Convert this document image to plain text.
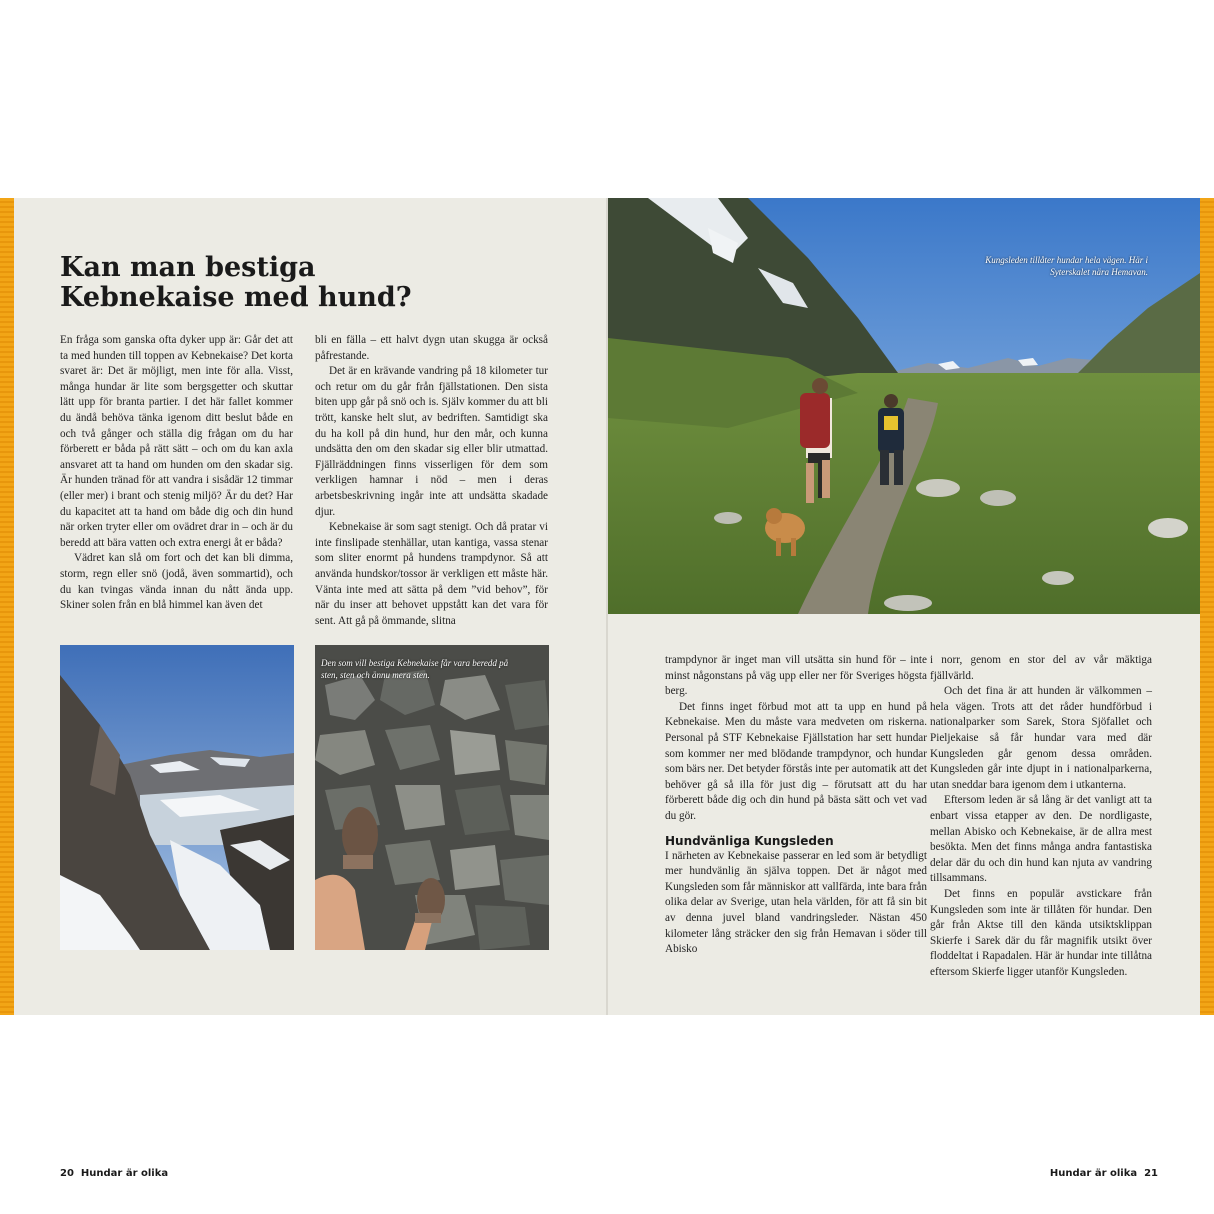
Kan man bestiga
Kebnekaise med hund?

En fråga som ganska ofta dyker upp är: Går det att ta med hunden till toppen av Kebnekaise? Det korta svaret är: Det är möjligt, men inte för alla. Visst, många hundar är lite som bergsgetter och skuttar lätt upp för branta partier. I det här fallet kommer du ändå behöva tänka igenom ditt beslut både en och två gånger och ställa dig frågan om du har förberett er båda på rätt sätt – och om du kan axla ansvaret att ta hand om hunden om den skadar sig. Är hunden tränad för att vandra i sisådär 12 timmar (eller mer) i brant och stenig miljö? Är du det? Har du kapacitet att ta hand om både dig och din hund när orken tryter eller om ovädret drar in – och är du beredd att bära vatten och extra energi åt er båda?

Vädret kan slå om fort och det kan bli dimma, storm, regn eller snö (jodå, även sommartid), och du kan tvingas vända innan du nått ända upp. Skiner solen från en blå himmel kan även det

bli en fälla – ett halvt dygn utan skugga är också påfrestande.

Det är en krävande vandring på 18 kilometer tur och retur om du går från fjällstationen. Den sista biten upp går på snö och is. Själv kommer du att bli trött, kanske helt slut, av bedriften. Samtidigt ska du ha koll på din hund, hur den mår, och kunna undsätta den om den skadar sig eller blir utmattad. Fjällräddningen finns visserligen för dem som verkligen hamnar i nöd – men i deras arbetsbeskrivning ingår inte att undsätta skadade djur.

Kebnekaise är som sagt stenigt. Och då pratar vi inte finslipade stenhällar, utan kantiga, vassa stenar som sliter enormt på hundens trampdynor. Så att använda hundskor/tossor är verkligen ett måste här. Vänta inte med att sätta på dem ”vid behov”, för när du inser att behovet uppstått kan det vara för sent. Att gå på ömmande, slitna

Den som vill bestiga Kebnekaise får vara beredd på sten, sten och ännu mera sten.
20 Hundar är olika
Kungsleden tillåter hundar hela vägen. Här i Syterskalet nära Hemavan.

trampdynor är inget man vill utsätta sin hund för – inte minst någonstans på väg upp eller ner för Sveriges högsta berg.

Det finns inget förbud mot att ta upp en hund på Kebnekaise. Men du måste vara medveten om riskerna. Personal på STF Kebnekaise Fjällstation har sett hundar som kommer ner med blödande trampdynor, och hundar som bärs ner. Det betyder förstås inte per automatik att det behöver gå så illa för just dig – förutsatt att du har förberett både dig och din hund på bästa sätt och vet vad du gör.

Hundvänliga Kungsleden

I närheten av Kebnekaise passerar en led som är betydligt mer hundvänlig än själva toppen. Det är något med Kungsleden som får människor att vallfärda, inte bara från olika delar av Sverige, utan hela världen, för att få sin bit av denna juvel bland vandringsleder. Nästan 450 kilometer lång sträcker den sig från Hemavan i söder till Abisko

i norr, genom en stor del av vår mäktiga fjällvärld.

Och det fina är att hunden är välkommen – hela vägen. Trots att det råder hundförbud i nationalparker som Sarek, Stora Sjöfallet och Pieljekaise så får hundar vara med där Kungsleden går genom dessa områden. Kungsleden går inte djupt in i nationalparkerna, utan sneddar bara igenom dem i utkanterna.

Eftersom leden är så lång är det vanligt att ta enbart vissa etapper av den. De nordligaste, mellan Abisko och Kebnekaise, är de allra mest besökta. Men det finns många andra fantastiska delar där du och din hund kan njuta av vandring tillsammans.

Det finns en populär avstickare från Kungsleden som inte är tillåten för hundar. Den går från Aktse till den kända utsiktsklippan Skierfe i Sarek där du får magnifik utsikt över floddeltat i Rapadalen. Här är hundar inte tillåtna eftersom Skierfe ligger utanför Kungsleden.

Hundar är olika 21
